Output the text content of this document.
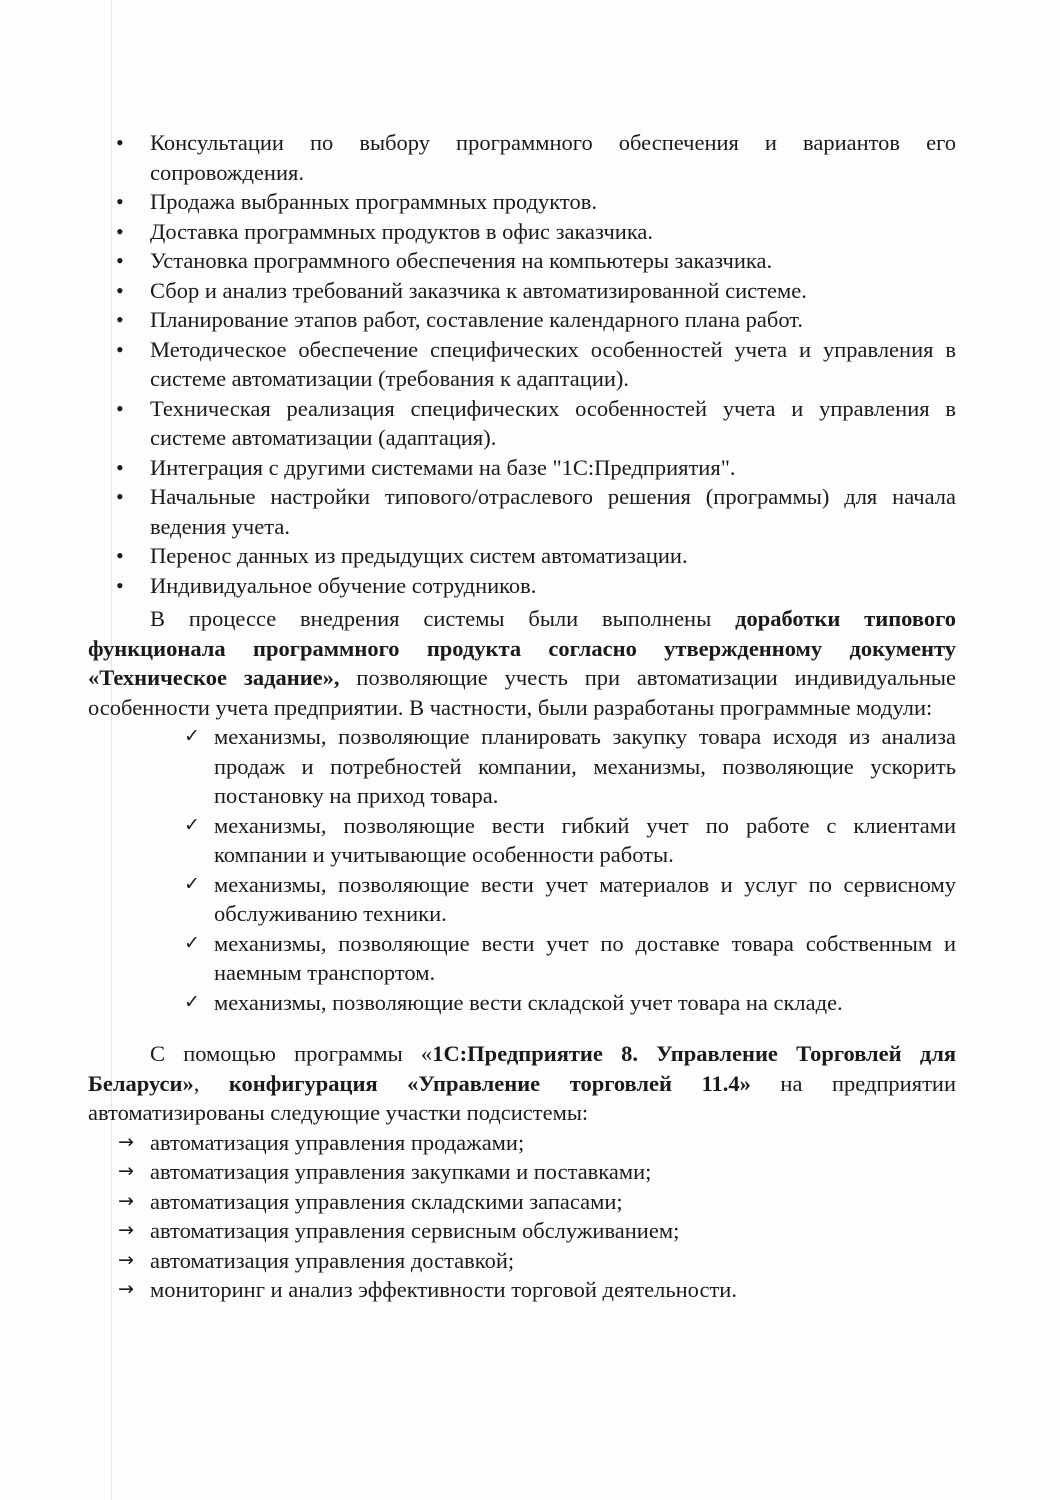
• Консультации по выбору программного обеспечения и вариантов его сопровождения.
• Продажа выбранных программных продуктов.
• Доставка программных продуктов в офис заказчика.
• Установка программного обеспечения на компьютеры заказчика.
• Сбор и анализ требований заказчика к автоматизированной системе.
• Планирование этапов работ, составление календарного плана работ.
• Методическое обеспечение специфических особенностей учета и управления в системе автоматизации (требования к адаптации).
• Техническая реализация специфических особенностей учета и управления в системе автоматизации (адаптация).
• Интеграция с другими системами на базе "1С:Предприятия".
• Начальные настройки типового/отраслевого решения (программы) для начала ведения учета.
• Перенос данных из предыдущих систем автоматизации.
• Индивидуальное обучение сотрудников.

В процессе внедрения системы были выполнены доработки типового функционала программного продукта согласно утвержденному документу «Техническое задание», позволяющие учесть при автоматизации индивидуальные особенности учета предприятии. В частности, были разработаны программные модули:

✓ механизмы, позволяющие планировать закупку товара исходя из анализа продаж и потребностей компании, механизмы, позволяющие ускорить постановку на приход товара.
✓ механизмы, позволяющие вести гибкий учет по работе с клиентами компании и учитывающие особенности работы.
✓ механизмы, позволяющие вести учет материалов и услуг по сервисному обслуживанию техники.
✓ механизмы, позволяющие вести учет по доставке товара собственным и наемным транспортом.
✓ механизмы, позволяющие вести складской учет товара на складе.

С помощью программы «1С:Предприятие 8. Управление Торговлей для Беларуси», конфигурация «Управление торговлей 11.4» на предприятии автоматизированы следующие участки подсистемы:

→ автоматизация управления продажами;
→ автоматизация управления закупками и поставками;
→ автоматизация управления складскими запасами;
→ автоматизация управления сервисным обслуживанием;
→ автоматизация управления доставкой;
→ мониторинг и анализ эффективности торговой деятельности.
